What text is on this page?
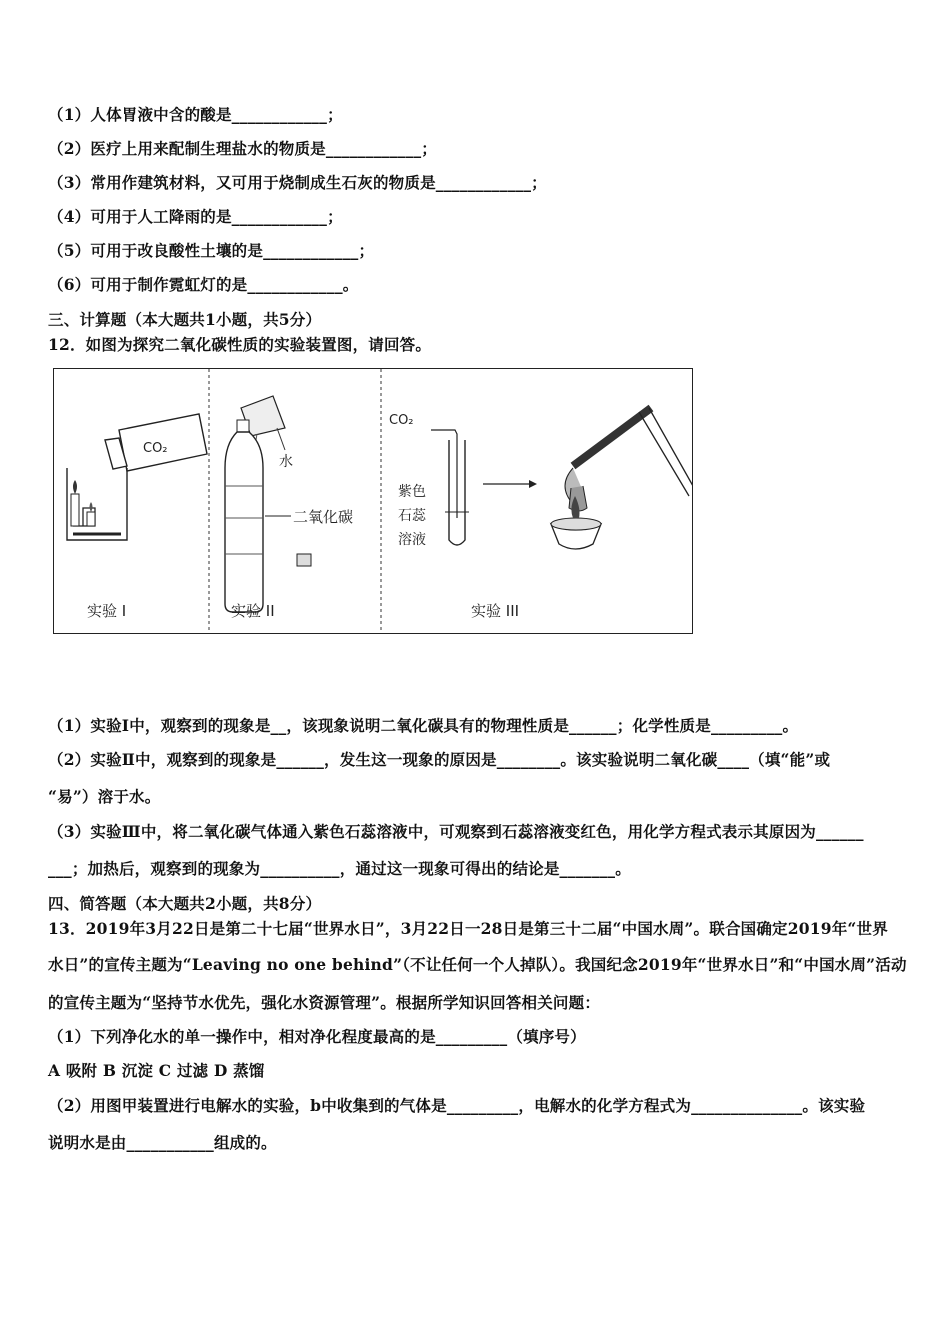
（1）人体胃液中含的酸是____________；
（2）医疗上用来配制生理盐水的物质是____________；
（3）常用作建筑材料，又可用于烧制成生石灰的物质是____________；
（4）可用于人工降雨的是____________；
（5）可用于改良酸性土壤的是____________；
（6）可用于制作霓虹灯的是____________。
三、计算题（本大题共1小题，共5分）
12．如图为探究二氧化碳性质的实验装置图，请回答。
CO₂
水
二氧化碳
CO₂
紫色
石蕊
溶液
实验 I	实验 II	实验 III
（1）实验Ⅰ中，观察到的现象是__，该现象说明二氧化碳具有的物理性质是______；化学性质是_________。
（2）实验Ⅱ中，观察到的现象是______，发生这一现象的原因是________。该实验说明二氧化碳____（填“能”或
“易”）溶于水。
（3）实验Ⅲ中，将二氧化碳气体通入紫色石蕊溶液中，可观察到石蕊溶液变红色，用化学方程式表示其原因为______
___；加热后，观察到的现象为__________，通过这一现象可得出的结论是_______。
四、简答题（本大题共2小题，共8分）
13．2019年3月22日是第二十七届“世界水日”，3月22日一28日是第三十二届“中国水周”。联合国确定2019年“世界
水日”的宣传主题为“Leaving no one behind”（不让任何一个人掉队）。我国纪念2019年“世界水日”和“中国水周”活动
的宣传主题为“坚持节水优先，强化水资源管理”。根据所学知识回答相关问题：
（1）下列净化水的单一操作中，相对净化程度最高的是_________（填序号）
A 吸附 B 沉淀 C 过滤 D 蒸馏
（2）用图甲装置进行电解水的实验，b中收集到的气体是_________，电解水的化学方程式为______________。该实验
说明水是由___________组成的。
